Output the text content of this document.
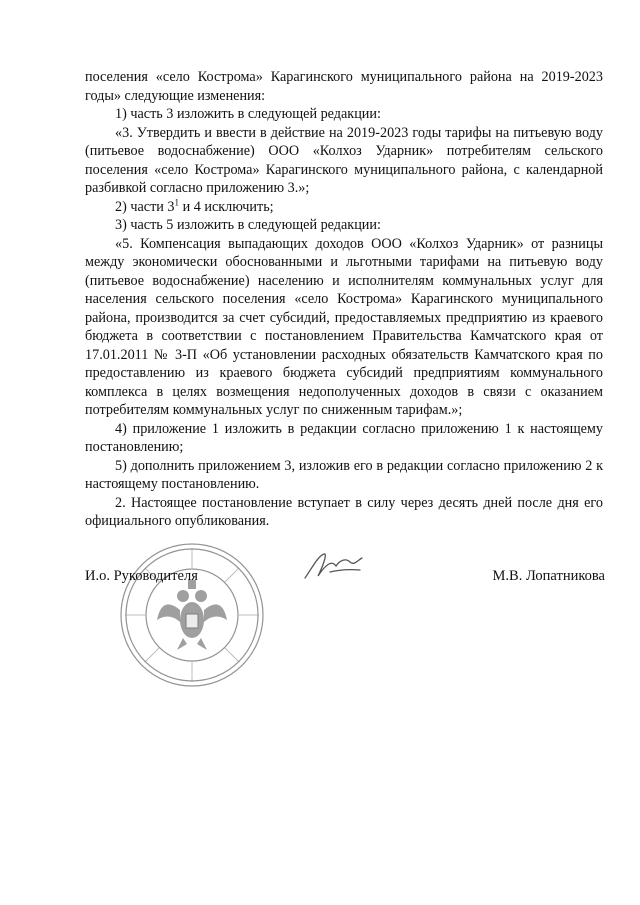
поселения «село Кострома» Карагинского муниципального района на 2019-2023 годы» следующие изменения:

1) часть 3 изложить в следующей редакции:

«3. Утвердить и ввести в действие на 2019-2023 годы тарифы на питьевую воду (питьевое водоснабжение) ООО «Колхоз Ударник» потребителям сельского поселения «село Кострома» Карагинского муниципального района, с календарной разбивкой согласно приложению 3.»;

2) части $3^1$ и 4 исключить;

3) часть 5 изложить в следующей редакции:

«5. Компенсация выпадающих доходов ООО «Колхоз Ударник» от разницы между экономически обоснованными и льготными тарифами на питьевую воду (питьевое водоснабжение) населению и исполнителям коммунальных услуг для населения сельского поселения «село Кострома» Карагинского муниципального района, производится за счет субсидий, предоставляемых предприятию из краевого бюджета в соответствии с постановлением Правительства Камчатского края от 17.01.2011 № 3-П «Об установлении расходных обязательств Камчатского края по предоставлению из краевого бюджета субсидий предприятиям коммунального комплекса в целях возмещения недополученных доходов в связи с оказанием потребителям коммунальных услуг по сниженным тарифам.»;

4) приложение 1 изложить в редакции согласно приложению 1 к настоящему постановлению;

5) дополнить приложением 3, изложив его в редакции согласно приложению 2 к настоящему постановлению.

2. Настоящее постановление вступает в силу через десять дней после дня его официального опубликования.

И.о. Руководителя	М.В. Лопатникова
